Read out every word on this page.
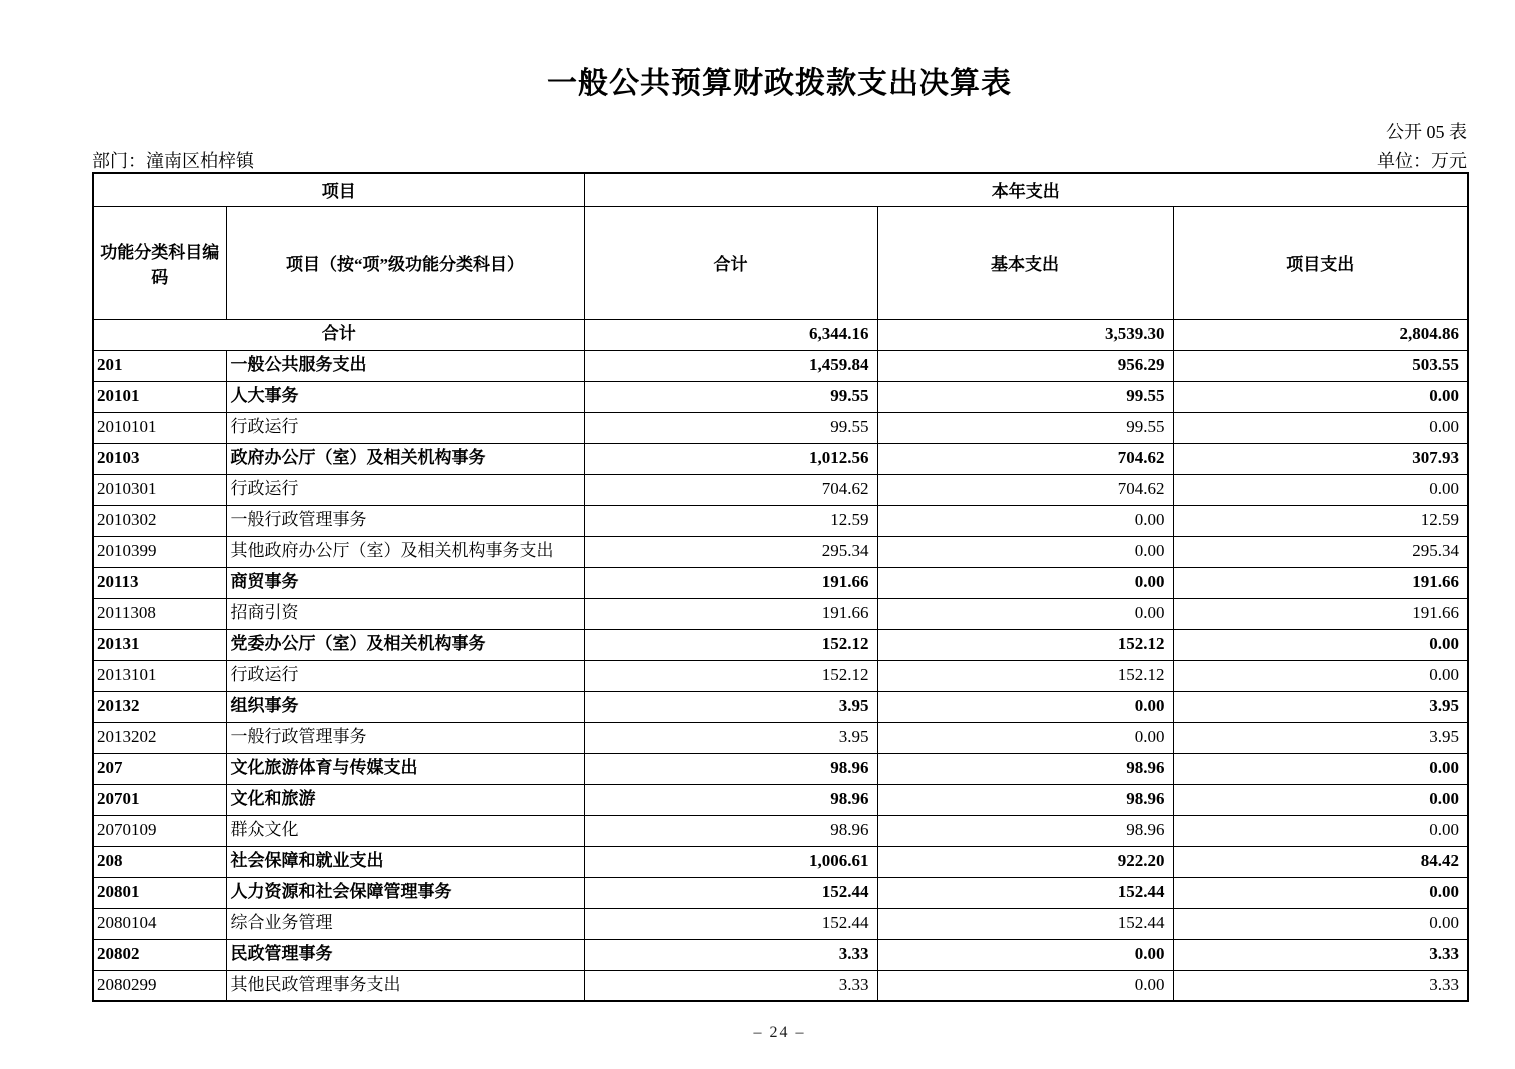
一般公共预算财政拨款支出决算表
公开 05 表
部门：潼南区柏梓镇	单位：万元
项目		本年支出		
功能分类科目编码	项目（按“项”级功能分类科目）	合计	基本支出	项目支出
合计		6,344.16	3,539.30	2,804.86
201	一般公共服务支出	1,459.84	956.29	503.55
20101	人大事务	99.55	99.55	0.00
2010101	行政运行	99.55	99.55	0.00
20103	政府办公厅（室）及相关机构事务	1,012.56	704.62	307.93
2010301	行政运行	704.62	704.62	0.00
2010302	一般行政管理事务	12.59	0.00	12.59
2010399	其他政府办公厅（室）及相关机构事务支出	295.34	0.00	295.34
20113	商贸事务	191.66	0.00	191.66
2011308	招商引资	191.66	0.00	191.66
20131	党委办公厅（室）及相关机构事务	152.12	152.12	0.00
2013101	行政运行	152.12	152.12	0.00
20132	组织事务	3.95	0.00	3.95
2013202	一般行政管理事务	3.95	0.00	3.95
207	文化旅游体育与传媒支出	98.96	98.96	0.00
20701	文化和旅游	98.96	98.96	0.00
2070109	群众文化	98.96	98.96	0.00
208	社会保障和就业支出	1,006.61	922.20	84.42
20801	人力资源和社会保障管理事务	152.44	152.44	0.00
2080104	综合业务管理	152.44	152.44	0.00
20802	民政管理事务	3.33	0.00	3.33
2080299	其他民政管理事务支出	3.33	0.00	3.33
– 24 –
